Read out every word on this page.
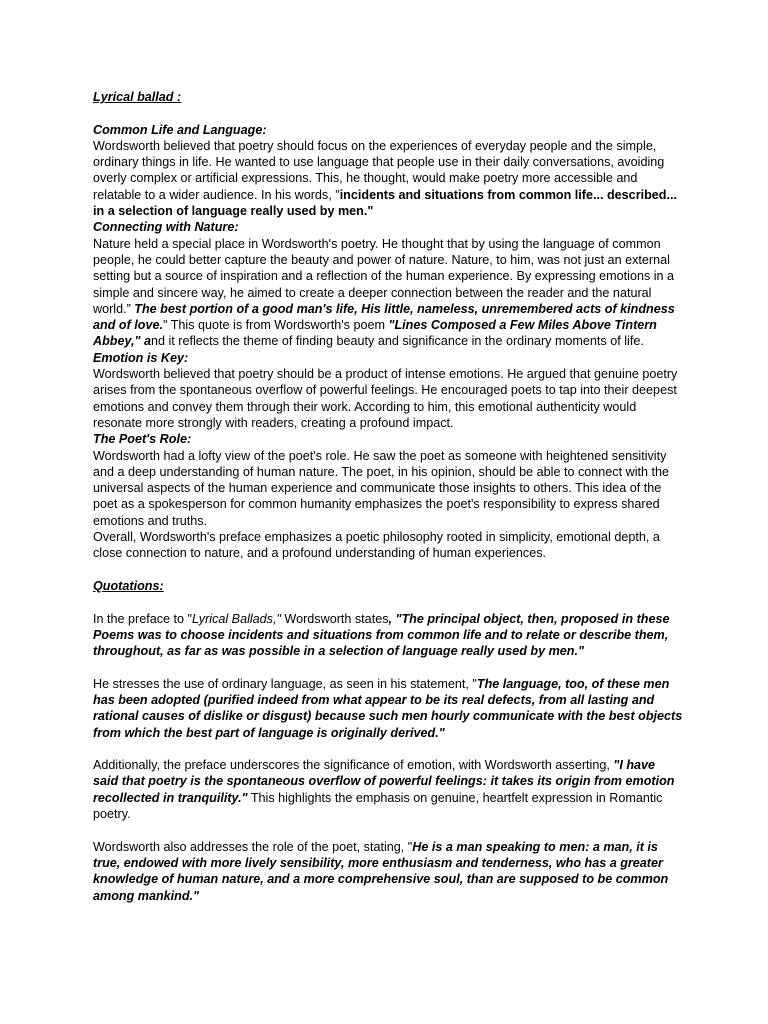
Lyrical ballad :

Common Life and Language:

Wordsworth believed that poetry should focus on the experiences of everyday people and the simple, ordinary things in life. He wanted to use language that people use in their daily conversations, avoiding overly complex or artificial expressions. This, he thought, would make poetry more accessible and relatable to a wider audience. In his words, "incidents and situations from common life... described... in a selection of language really used by men."

Connecting with Nature:

Nature held a special place in Wordsworth's poetry. He thought that by using the language of common people, he could better capture the beauty and power of nature. Nature, to him, was not just an external setting but a source of inspiration and a reflection of the human experience. By expressing emotions in a simple and sincere way, he aimed to create a deeper connection between the reader and the natural world.” The best portion of a good man's life, His little, nameless, unremembered acts of kindness and of love." This quote is from Wordsworth's poem "Lines Composed a Few Miles Above Tintern Abbey," and it reflects the theme of finding beauty and significance in the ordinary moments of life.

Emotion is Key:

Wordsworth believed that poetry should be a product of intense emotions. He argued that genuine poetry arises from the spontaneous overflow of powerful feelings. He encouraged poets to tap into their deepest emotions and convey them through their work. According to him, this emotional authenticity would resonate more strongly with readers, creating a profound impact.

The Poet's Role:

Wordsworth had a lofty view of the poet's role. He saw the poet as someone with heightened sensitivity and a deep understanding of human nature. The poet, in his opinion, should be able to connect with the universal aspects of the human experience and communicate those insights to others. This idea of the poet as a spokesperson for common humanity emphasizes the poet's responsibility to express shared emotions and truths.

Overall, Wordsworth's preface emphasizes a poetic philosophy rooted in simplicity, emotional depth, a close connection to nature, and a profound understanding of human experiences.

Quotations:

In the preface to "Lyrical Ballads," Wordsworth states, "The principal object, then, proposed in these Poems was to choose incidents and situations from common life and to relate or describe them, throughout, as far as was possible in a selection of language really used by men."

He stresses the use of ordinary language, as seen in his statement, "The language, too, of these men has been adopted (purified indeed from what appear to be its real defects, from all lasting and rational causes of dislike or disgust) because such men hourly communicate with the best objects from which the best part of language is originally derived."

Additionally, the preface underscores the significance of emotion, with Wordsworth asserting, "I have said that poetry is the spontaneous overflow of powerful feelings: it takes its origin from emotion recollected in tranquility." This highlights the emphasis on genuine, heartfelt expression in Romantic poetry.

Wordsworth also addresses the role of the poet, stating, "He is a man speaking to men: a man, it is true, endowed with more lively sensibility, more enthusiasm and tenderness, who has a greater knowledge of human nature, and a more comprehensive soul, than are supposed to be common among mankind."
